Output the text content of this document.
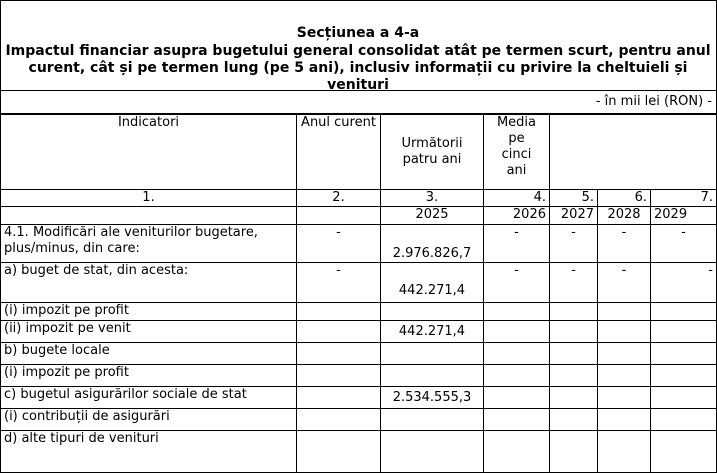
Secțiunea a 4-a
Impactul financiar asupra bugetului general consolidat atât pe termen scurt, pentru anul
curent, cât și pe termen lung (pe 5 ani), inclusiv informații cu privire la cheltuieli și venituri
- în mii lei (RON) -
Indicatori	Anul curent	Următorii patru ani	Media pe cinci ani			
1.	2.	3.	4.	5.	6.	7.
		2025	2026	2027	2028	2029
4.1. Modificări ale veniturilor bugetare, plus/minus, din care:	-	2.976.826,7	-	-	-	-
a) buget de stat, din acesta:	-	442.271,4	-	-	-	-
(i) impozit pe profit						
(ii) impozit pe venit		442.271,4				
b) bugete locale						
(i) impozit pe profit						
c) bugetul asigurărilor sociale de stat		2.534.555,3				
(i) contribuții de asigurări						
d) alte tipuri de venituri						
